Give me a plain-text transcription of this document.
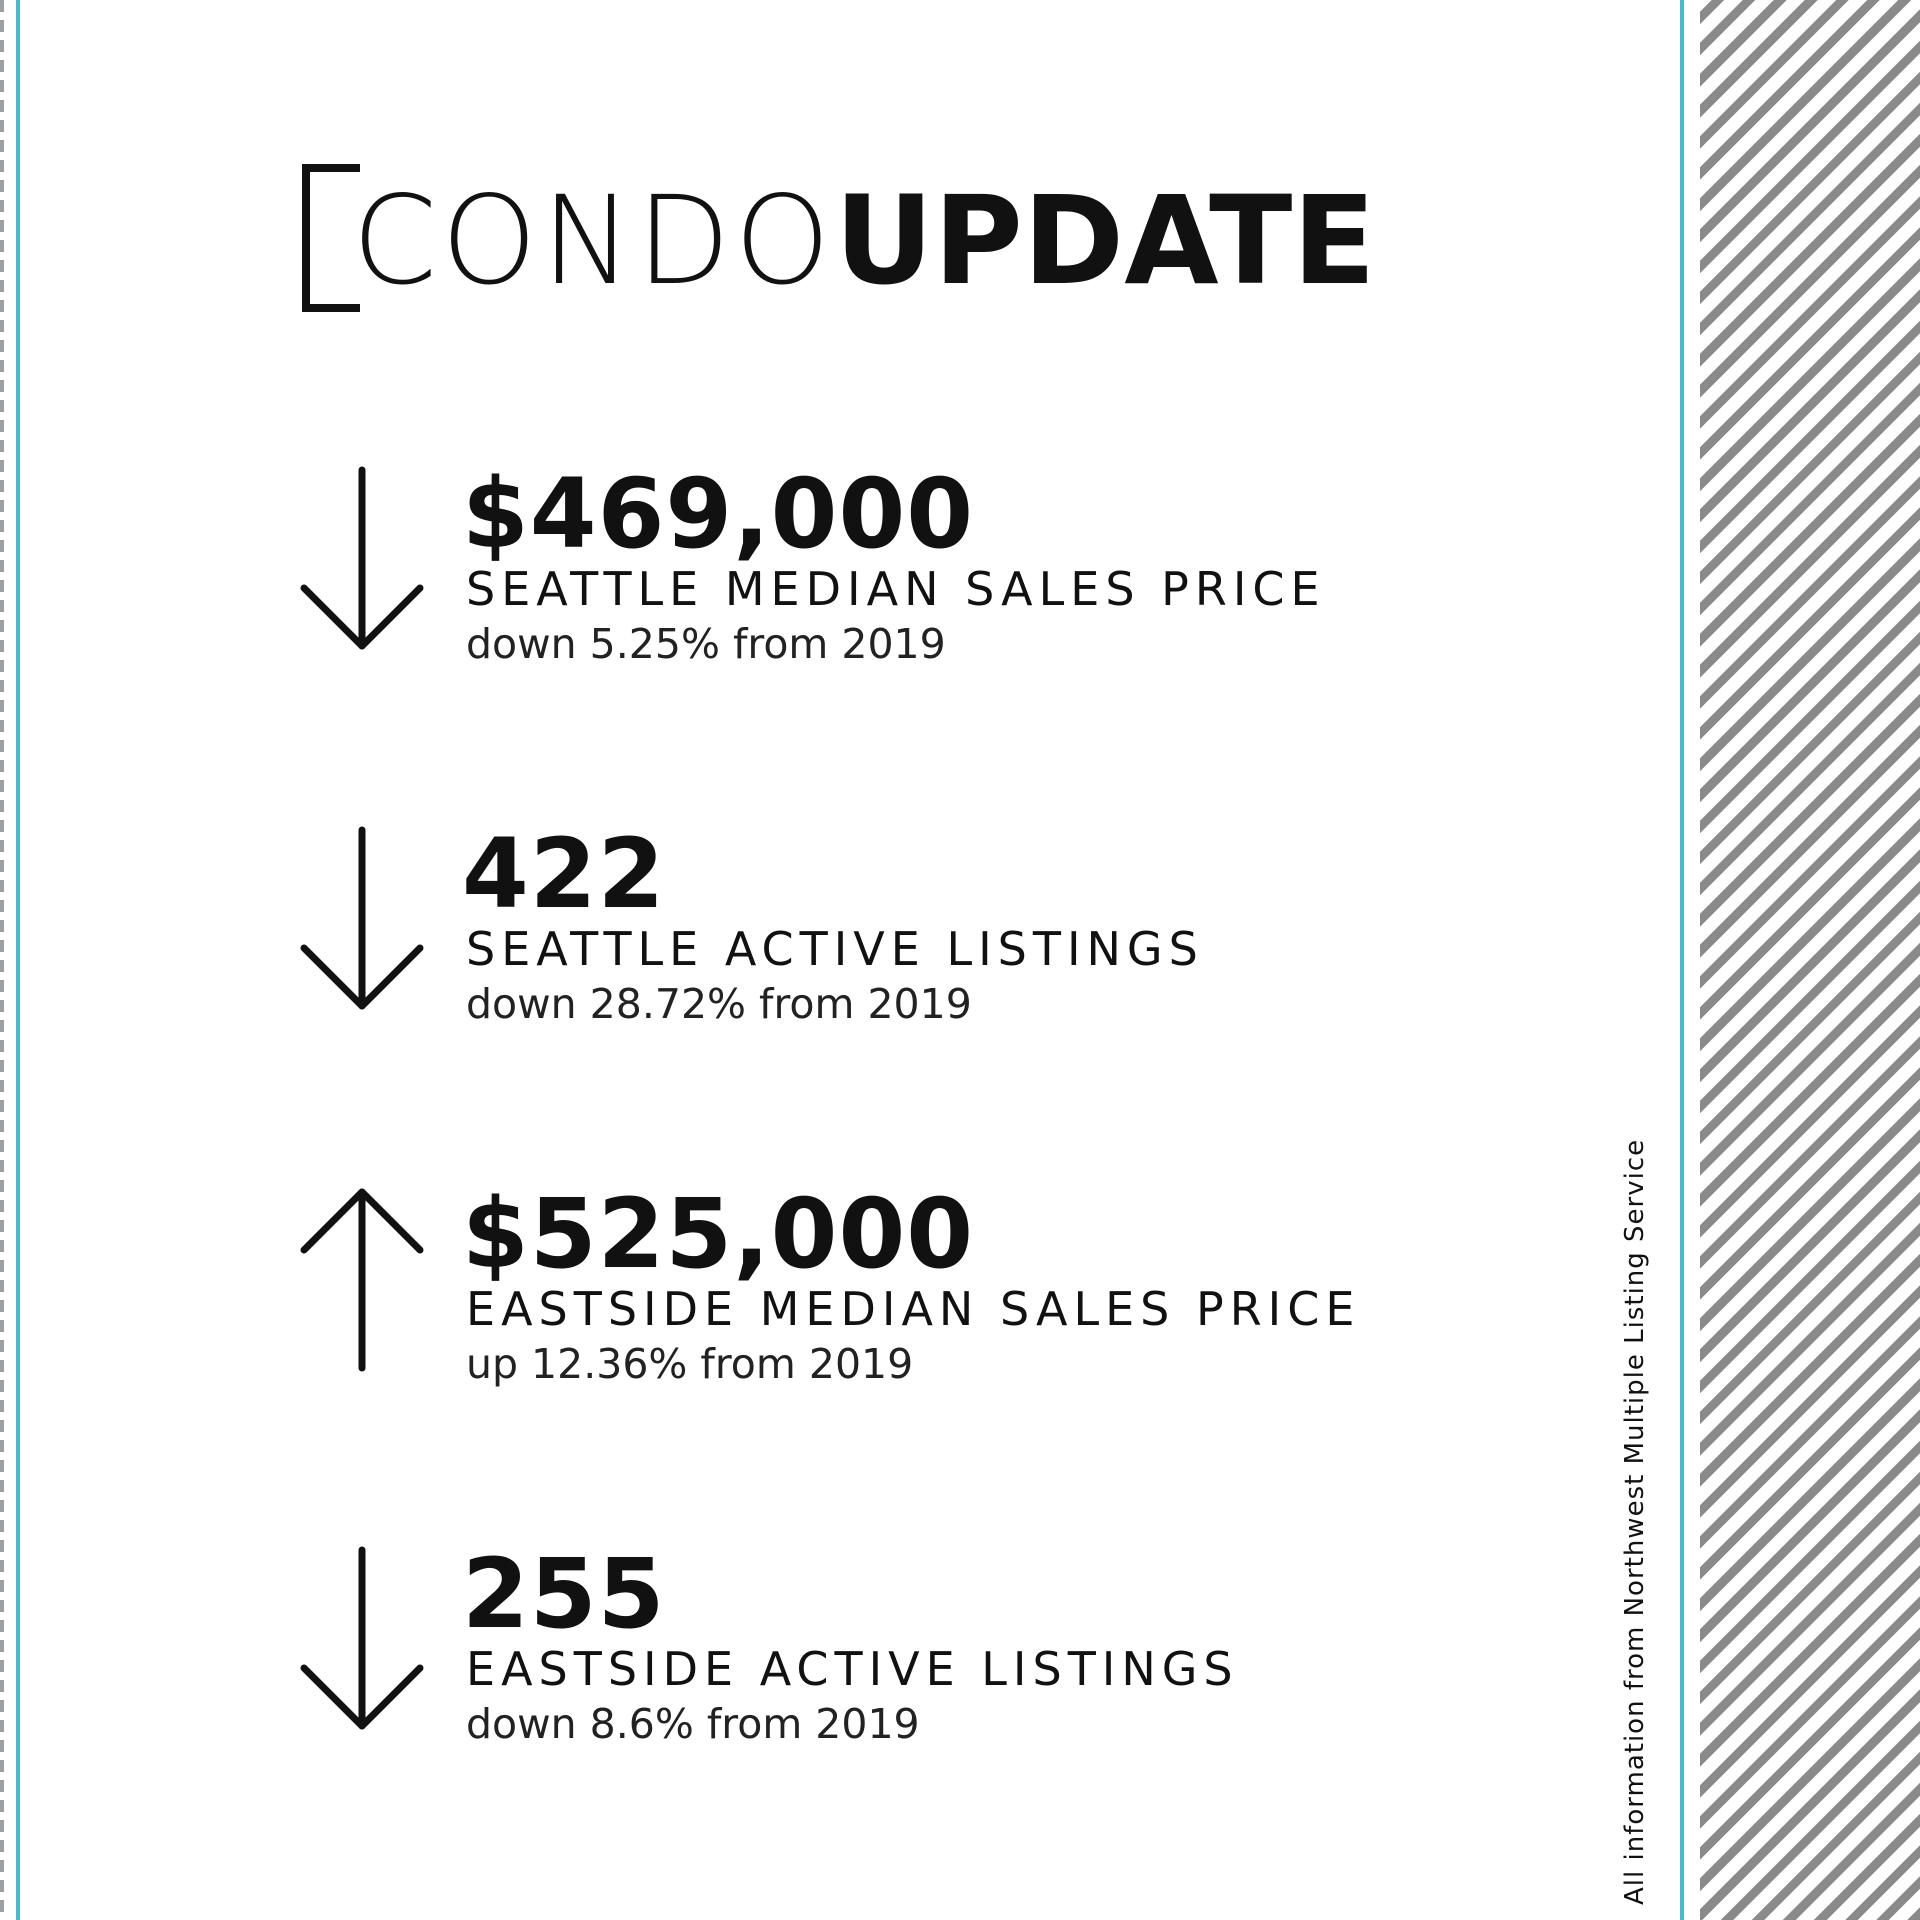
CONDOUPDATE
$469,000
SEATTLE MEDIAN SALES PRICE
down 5.25% from 2019
422
SEATTLE ACTIVE LISTINGS
down 28.72% from 2019
$525,000
EASTSIDE MEDIAN SALES PRICE
up 12.36% from 2019
255
EASTSIDE ACTIVE LISTINGS
down 8.6% from 2019	All information from Northwest Multiple Listing Service
